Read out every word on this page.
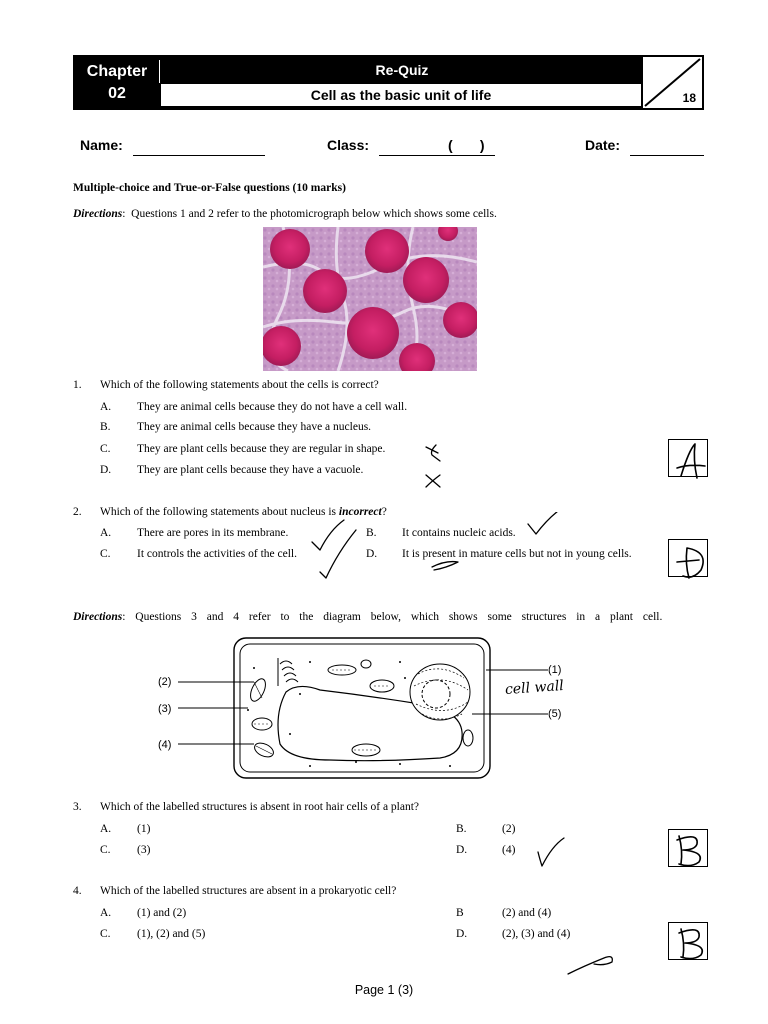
Chapter
02
Re-Quiz
Cell as the basic unit of life	18
Name:	Class:	(       )	Date:
Multiple-choice and True-or-False questions (10 marks)
Directions:  Questions 1 and 2 refer to the photomicrograph below which shows some cells.
1. Which of the following statements about the cells is correct?
A. They are animal cells because they do not have a cell wall.
B. They are animal cells because they have a nucleus.
C. They are plant cells because they are regular in shape.
D. They are plant cells because they have a vacuole.
2. Which of the following statements about nucleus is incorrect?
A. There are pores in its membrane.	B. It contains nucleic acids.
C. It controls the activities of the cell.	D. It is present in mature cells but not in young cells.
Directions: Questions 3 and 4 refer to the diagram below, which shows some structures in a plant cell.
(2)
(3)
(4)
(1)
(5)
cell wall
3. Which of the labelled structures is absent in root hair cells of a plant?
A. (1)	B.	(2)
C. (3)	D.	(4)
4. Which of the labelled structures are absent in a prokaryotic cell?
A. (1) and (2)	B	(2) and (4)
C. (1), (2) and (5)	D.	(2), (3) and (4)
Page 1 (3)
